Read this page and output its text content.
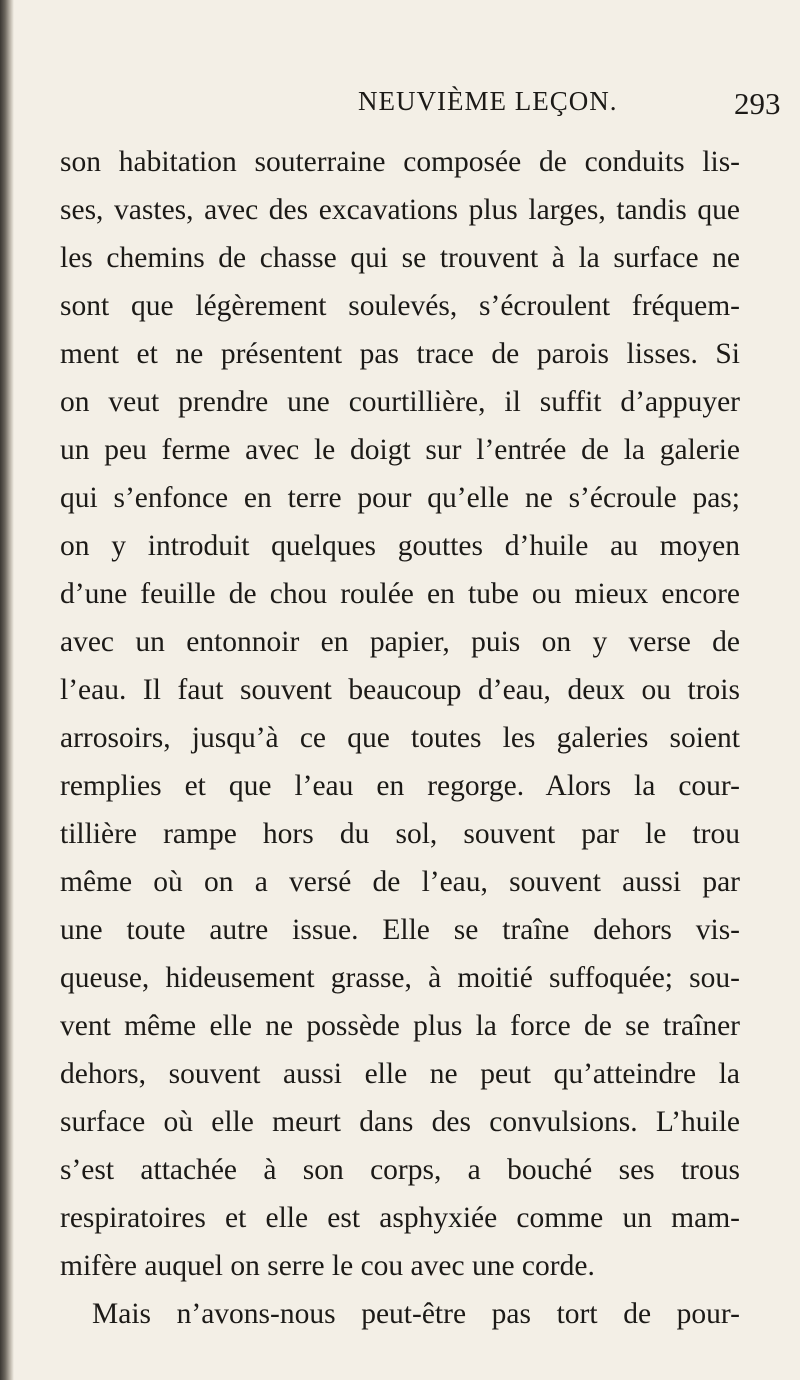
NEUVIÈME LEÇON.	293
son habitation souterraine composée de conduits lis-
ses, vastes, avec des excavations plus larges, tandis que
les chemins de chasse qui se trouvent à la surface ne
sont que légèrement soulevés, s’écroulent fréquem-
ment et ne présentent pas trace de parois lisses. Si
on veut prendre une courtillière, il suffit d’appuyer
un peu ferme avec le doigt sur l’entrée de la galerie
qui s’enfonce en terre pour qu’elle ne s’écroule pas;
on y introduit quelques gouttes d’huile au moyen
d’une feuille de chou roulée en tube ou mieux encore
avec un entonnoir en papier, puis on y verse de
l’eau. Il faut souvent beaucoup d’eau, deux ou trois
arrosoirs, jusqu’à ce que toutes les galeries soient
remplies et que l’eau en regorge. Alors la cour-
tillière rampe hors du sol, souvent par le trou
même où on a versé de l’eau, souvent aussi par
une toute autre issue. Elle se traîne dehors vis-
queuse, hideusement grasse, à moitié suffoquée; sou-
vent même elle ne possède plus la force de se traîner
dehors, souvent aussi elle ne peut qu’atteindre la
surface où elle meurt dans des convulsions. L’huile
s’est attachée à son corps, a bouché ses trous
respiratoires et elle est asphyxiée comme un mam-
mifère auquel on serre le cou avec une corde.
Mais n’avons-nous peut-être pas tort de pour-
